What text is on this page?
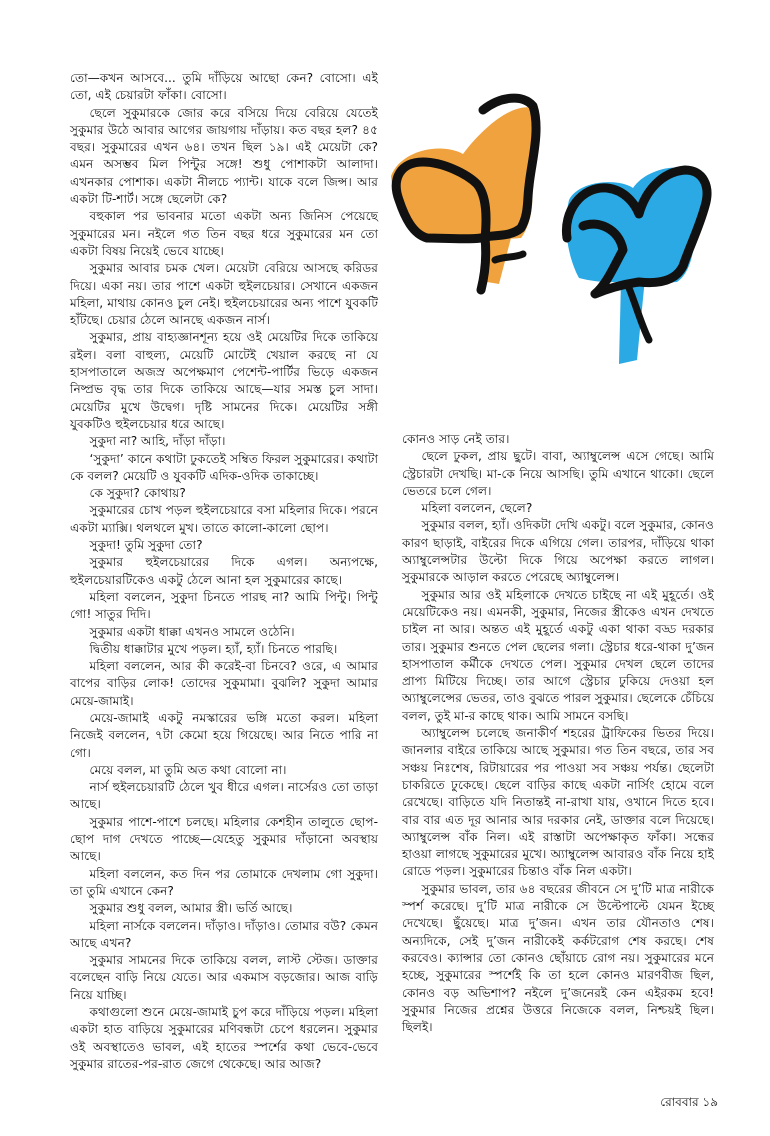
তো—কখন আসবে... তুমি দাঁড়িয়ে আছো কেন? বোসো। এই তো, এই চেয়ারটা ফাঁকা। বোসো।

ছেলে সুকুমারকে জোর করে বসিয়ে দিয়ে বেরিয়ে যেতেই সুকুমার উঠে আবার আগের জায়গায় দাঁড়ায়। কত বছর হল? ৪৫ বছর। সুকুমারের এখন ৬৪। তখন ছিল ১৯। এই মেয়েটা কে? এমন অসম্ভব মিল পিন্টুর সঙ্গে! শুধু পোশাকটা আলাদা। এখনকার পোশাক। একটা নীলচে প্যান্ট। যাকে বলে জিন্স। আর একটা টি-শার্ট। সঙ্গে ছেলেটা কে?

বহুকাল পর ভাবনার মতো একটা অন্য জিনিস পেয়েছে সুকুমারের মন। নইলে গত তিন বছর ধরে সুকুমারের মন তো একটা বিষয় নিয়েই ভেবে যাচ্ছে।

সুকুমার আবার চমক খেল। মেয়েটা বেরিয়ে আসছে করিডর দিয়ে। একা নয়। তার পাশে একটা হুইলচেয়ার। সেখানে একজন মহিলা, মাথায় কোনও চুল নেই। হুইলচেয়ারের অন্য পাশে যুবকটি হাঁটছে। চেয়ার ঠেলে আনছে একজন নার্স।

সুকুমার, প্রায় বাহ্যজ্ঞানশূন্য হয়ে ওই মেয়েটির দিকে তাকিয়ে রইল। বলা বাহুল্য, মেয়েটি মোটেই খেয়াল করছে না যে হাসপাতালে অজস্র অপেক্ষমাণ পেশেন্ট-পার্টির ভিড়ে একজন নিষ্প্রভ বৃদ্ধ তার দিকে তাকিয়ে আছে—যার সমস্ত চুল সাদা। মেয়েটির মুখে উদ্বেগ। দৃষ্টি সামনের দিকে। মেয়েটির সঙ্গী যুবকটিও হুইলচেয়ার ধরে আছে।

সুকুদা না? আহি, দাঁড়া দাঁড়া।

‘সুকুদা’ কানে কথাটা ঢুকতেই সম্বিত ফিরল সুকুমারের। কথাটা কে বলল? মেয়েটি ও যুবকটি এদিক-ওদিক তাকাচ্ছে।

কে সুকুদা? কোথায়?

সুকুমারের চোখ পড়ল হুইলচেয়ারে বসা মহিলার দিকে। পরনে একটা ম্যাক্সি। থলথলে মুখ। তাতে কালো-কালো ছোপ।

সুকুদা! তুমি সুকুদা তো?

সুকুমার হুইলচেয়ারের দিকে এগল। অন্যপক্ষে, হুইলচেয়ারটিকেও একটু ঠেলে আনা হল সুকুমারের কাছে।

মহিলা বললেন, সুকুদা চিনতে পারছ না? আমি পিন্টু। পিন্টু গো! সাতুর দিদি।

সুকুমার একটা ধাক্কা এখনও সামলে ওঠেনি।

দ্বিতীয় ধাক্কাটার মুখে পড়ল। হ্যাঁ, হ্যাঁ। চিনতে পারছি।

মহিলা বললেন, আর কী করেই-বা চিনবে? ওরে, এ আমার বাপের বাড়ির লোক! তোদের সুকুমামা। বুঝলি? সুকুদা আমার মেয়ে-জামাই।

মেয়ে-জামাই একটু নমস্কারের ভঙ্গি মতো করল। মহিলা নিজেই বললেন, ৭টা কেমো হয়ে গিয়েছে। আর নিতে পারি না গো।

মেয়ে বলল, মা তুমি অত কথা বোলো না।

নার্স হুইলচেয়ারটি ঠেলে খুব ধীরে এগল। নার্সেরও তো তাড়া আছে।

সুকুমার পাশে-পাশে চলছে। মহিলার কেশহীন তালুতে ছোপ-ছোপ দাগ দেখতে পাচ্ছে—যেহেতু সুকুমার দাঁড়ানো অবস্থায় আছে।

মহিলা বললেন, কত দিন পর তোমাকে দেখলাম গো সুকুদা। তা তুমি এখানে কেন?

সুকুমার শুধু বলল, আমার স্ত্রী। ভর্তি আছে।

মহিলা নার্সকে বললেন। দাঁড়াও। দাঁড়াও। তোমার বউ? কেমন আছে এখন?

সুকুমার সামনের দিকে তাকিয়ে বলল, লাস্ট স্টেজ। ডাক্তার বলেছেন বাড়ি নিয়ে যেতে। আর একমাস বড়জোর। আজ বাড়ি নিয়ে যাচ্ছি।

কথাগুলো শুনে মেয়ে-জামাই চুপ করে দাঁড়িয়ে পড়ল। মহিলা একটা হাত বাড়িয়ে সুকুমারের মণিবন্ধটা চেপে ধরলেন। সুকুমার ওই অবস্থাতেও ভাবল, এই হাতের স্পর্শের কথা ভেবে-ভেবে সুকুমার রাতের-পর-রাত জেগে থেকেছে। আর আজ?

কোনও সাড় নেই তার।

ছেলে ঢুকল, প্রায় ছুটে। বাবা, অ্যাম্বুলেন্স এসে গেছে। আমি স্ট্রেচারটা দেখছি। মা-কে নিয়ে আসছি। তুমি এখানে থাকো। ছেলে ভেতরে চলে গেল।

মহিলা বললেন, ছেলে?

সুকুমার বলল, হ্যাঁ। ওদিকটা দেখি একটু। বলে সুকুমার, কোনও কারণ ছাড়াই, বাইরের দিকে এগিয়ে গেল। তারপর, দাঁড়িয়ে থাকা অ্যাম্বুলেন্সটার উল্টো দিকে গিয়ে অপেক্ষা করতে লাগল। সুকুমারকে আড়াল করতে পেরেছে অ্যাম্বুলেন্স।

সুকুমার আর ওই মহিলাকে দেখতে চাইছে না এই মুহূর্তে। ওই মেয়েটিকেও নয়। এমনকী, সুকুমার, নিজের স্ত্রীকেও এখন দেখতে চাইল না আর। অন্তত এই মুহূর্তে একটু একা থাকা বড্ড দরকার তার। সুকুমার শুনতে পেল ছেলের গলা। স্ট্রেচার ধরে-থাকা দু’জন হাসপাতাল কর্মীকে দেখতে পেল। সুকুমার দেখল ছেলে তাদের প্রাপ্য মিটিয়ে দিচ্ছে। তার আগে স্ট্রেচার ঢুকিয়ে দেওয়া হল অ্যাম্বুলেন্সের ভেতর, তাও বুঝতে পারল সুকুমার। ছেলেকে চেঁচিয়ে বলল, তুই মা-র কাছে থাক। আমি সামনে বসছি।

অ্যাম্বুলেন্স চলেছে জনাকীর্ণ শহরের ট্রাফিকের ভিতর দিয়ে। জানলার বাইরে তাকিয়ে আছে সুকুমার। গত তিন বছরে, তার সব সঞ্চয় নিঃশেষ, রিটায়ারের পর পাওয়া সব সঞ্চয় পর্যন্ত। ছেলেটা চাকরিতে ঢুকেছে। ছেলে বাড়ির কাছে একটা নার্সিং হোমে বলে রেখেছে। বাড়িতে যদি নিতান্তই না-রাখা যায়, ওখানে দিতে হবে। বার বার এত দূর আনার আর দরকার নেই, ডাক্তার বলে দিয়েছে। অ্যাম্বুলেন্স বাঁক নিল। এই রাস্তাটা অপেক্ষাকৃত ফাঁকা। সন্ধের হাওয়া লাগছে সুকুমারের মুখে। অ্যাম্বুলেন্স আবারও বাঁক নিয়ে হাই রোডে পড়ল। সুকুমারের চিন্তাও বাঁক নিল একটা।

সুকুমার ভাবল, তার ৬৪ বছরের জীবনে সে দু’টি মাত্র নারীকে স্পর্শ করেছে। দু’টি মাত্র নারীকে সে উল্টেপাল্টে যেমন ইচ্ছে দেখেছে। ছুঁয়েছে। মাত্র দু’জন। এখন তার যৌনতাও শেষ। অন্যদিকে, সেই দু’জন নারীকেই কর্কটরোগ শেষ করছে। শেষ করবেও। ক্যান্সার তো কোনও ছোঁয়াচে রোগ নয়। সুকুমারের মনে হচ্ছে, সুকুমারের স্পর্শেই কি তা হলে কোনও মারণবীজ ছিল, কোনও বড় অভিশাপ? নইলে দু’জনেরই কেন এইরকম হবে! সুকুমার নিজের প্রশ্নের উত্তরে নিজেকে বলল, নিশ্চয়ই ছিল। ছিলই।

রোববার ১৯
